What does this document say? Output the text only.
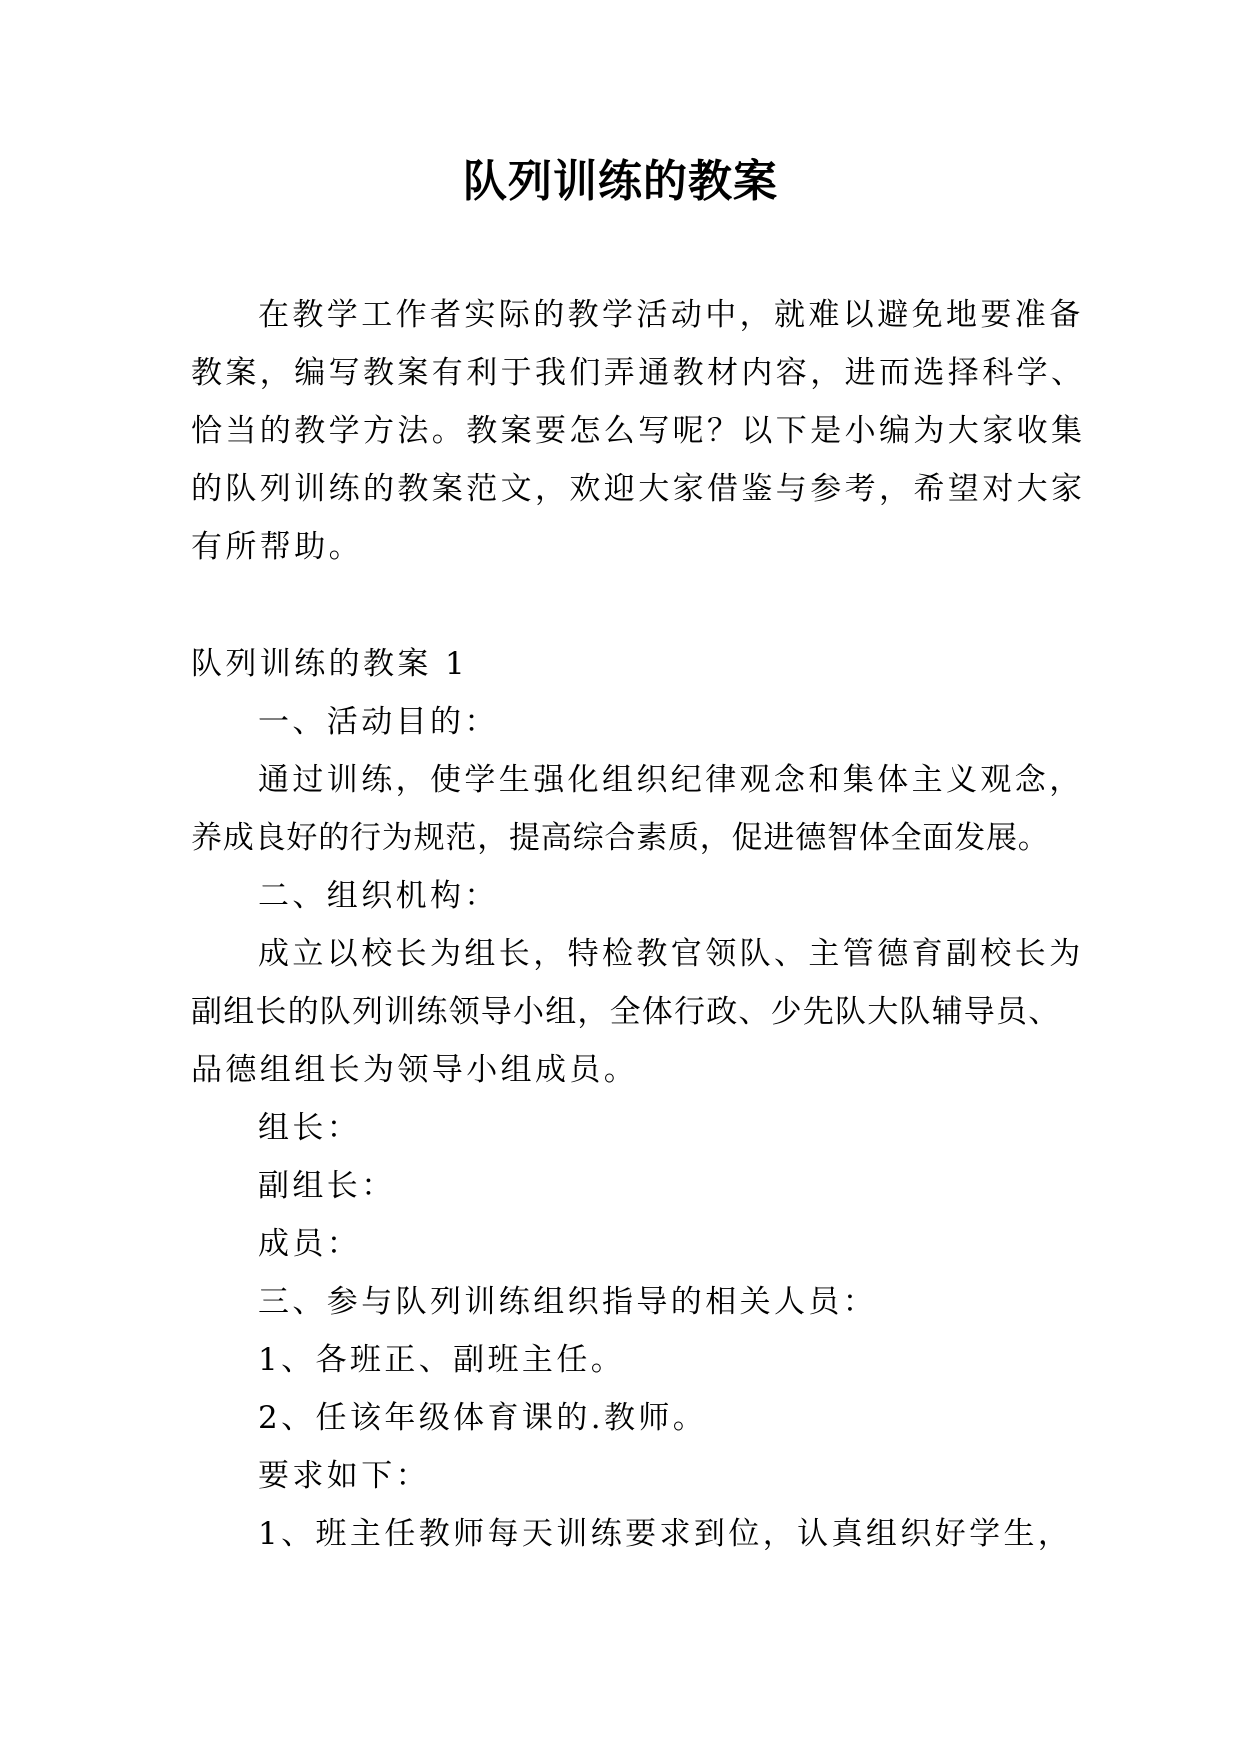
队列训练的教案
在教学工作者实际的教学活动中，就难以避免地要准备
教案，编写教案有利于我们弄通教材内容，进而选择科学、
恰当的教学方法。教案要怎么写呢？以下是小编为大家收集
的队列训练的教案范文，欢迎大家借鉴与参考，希望对大家
有所帮助。
队列训练的教案 1
一、活动目的：
通过训练，使学生强化组织纪律观念和集体主义观念，
养成良好的行为规范，提高综合素质，促进德智体全面发展。
二、组织机构：
成立以校长为组长，特检教官领队、主管德育副校长为
副组长的队列训练领导小组，全体行政、少先队大队辅导员、
品德组组长为领导小组成员。
组长：
副组长：
成员：
三、参与队列训练组织指导的相关人员：
1、各班正、副班主任。
2、任该年级体育课的.教师。
要求如下：
1、班主任教师每天训练要求到位，认真组织好学生，
